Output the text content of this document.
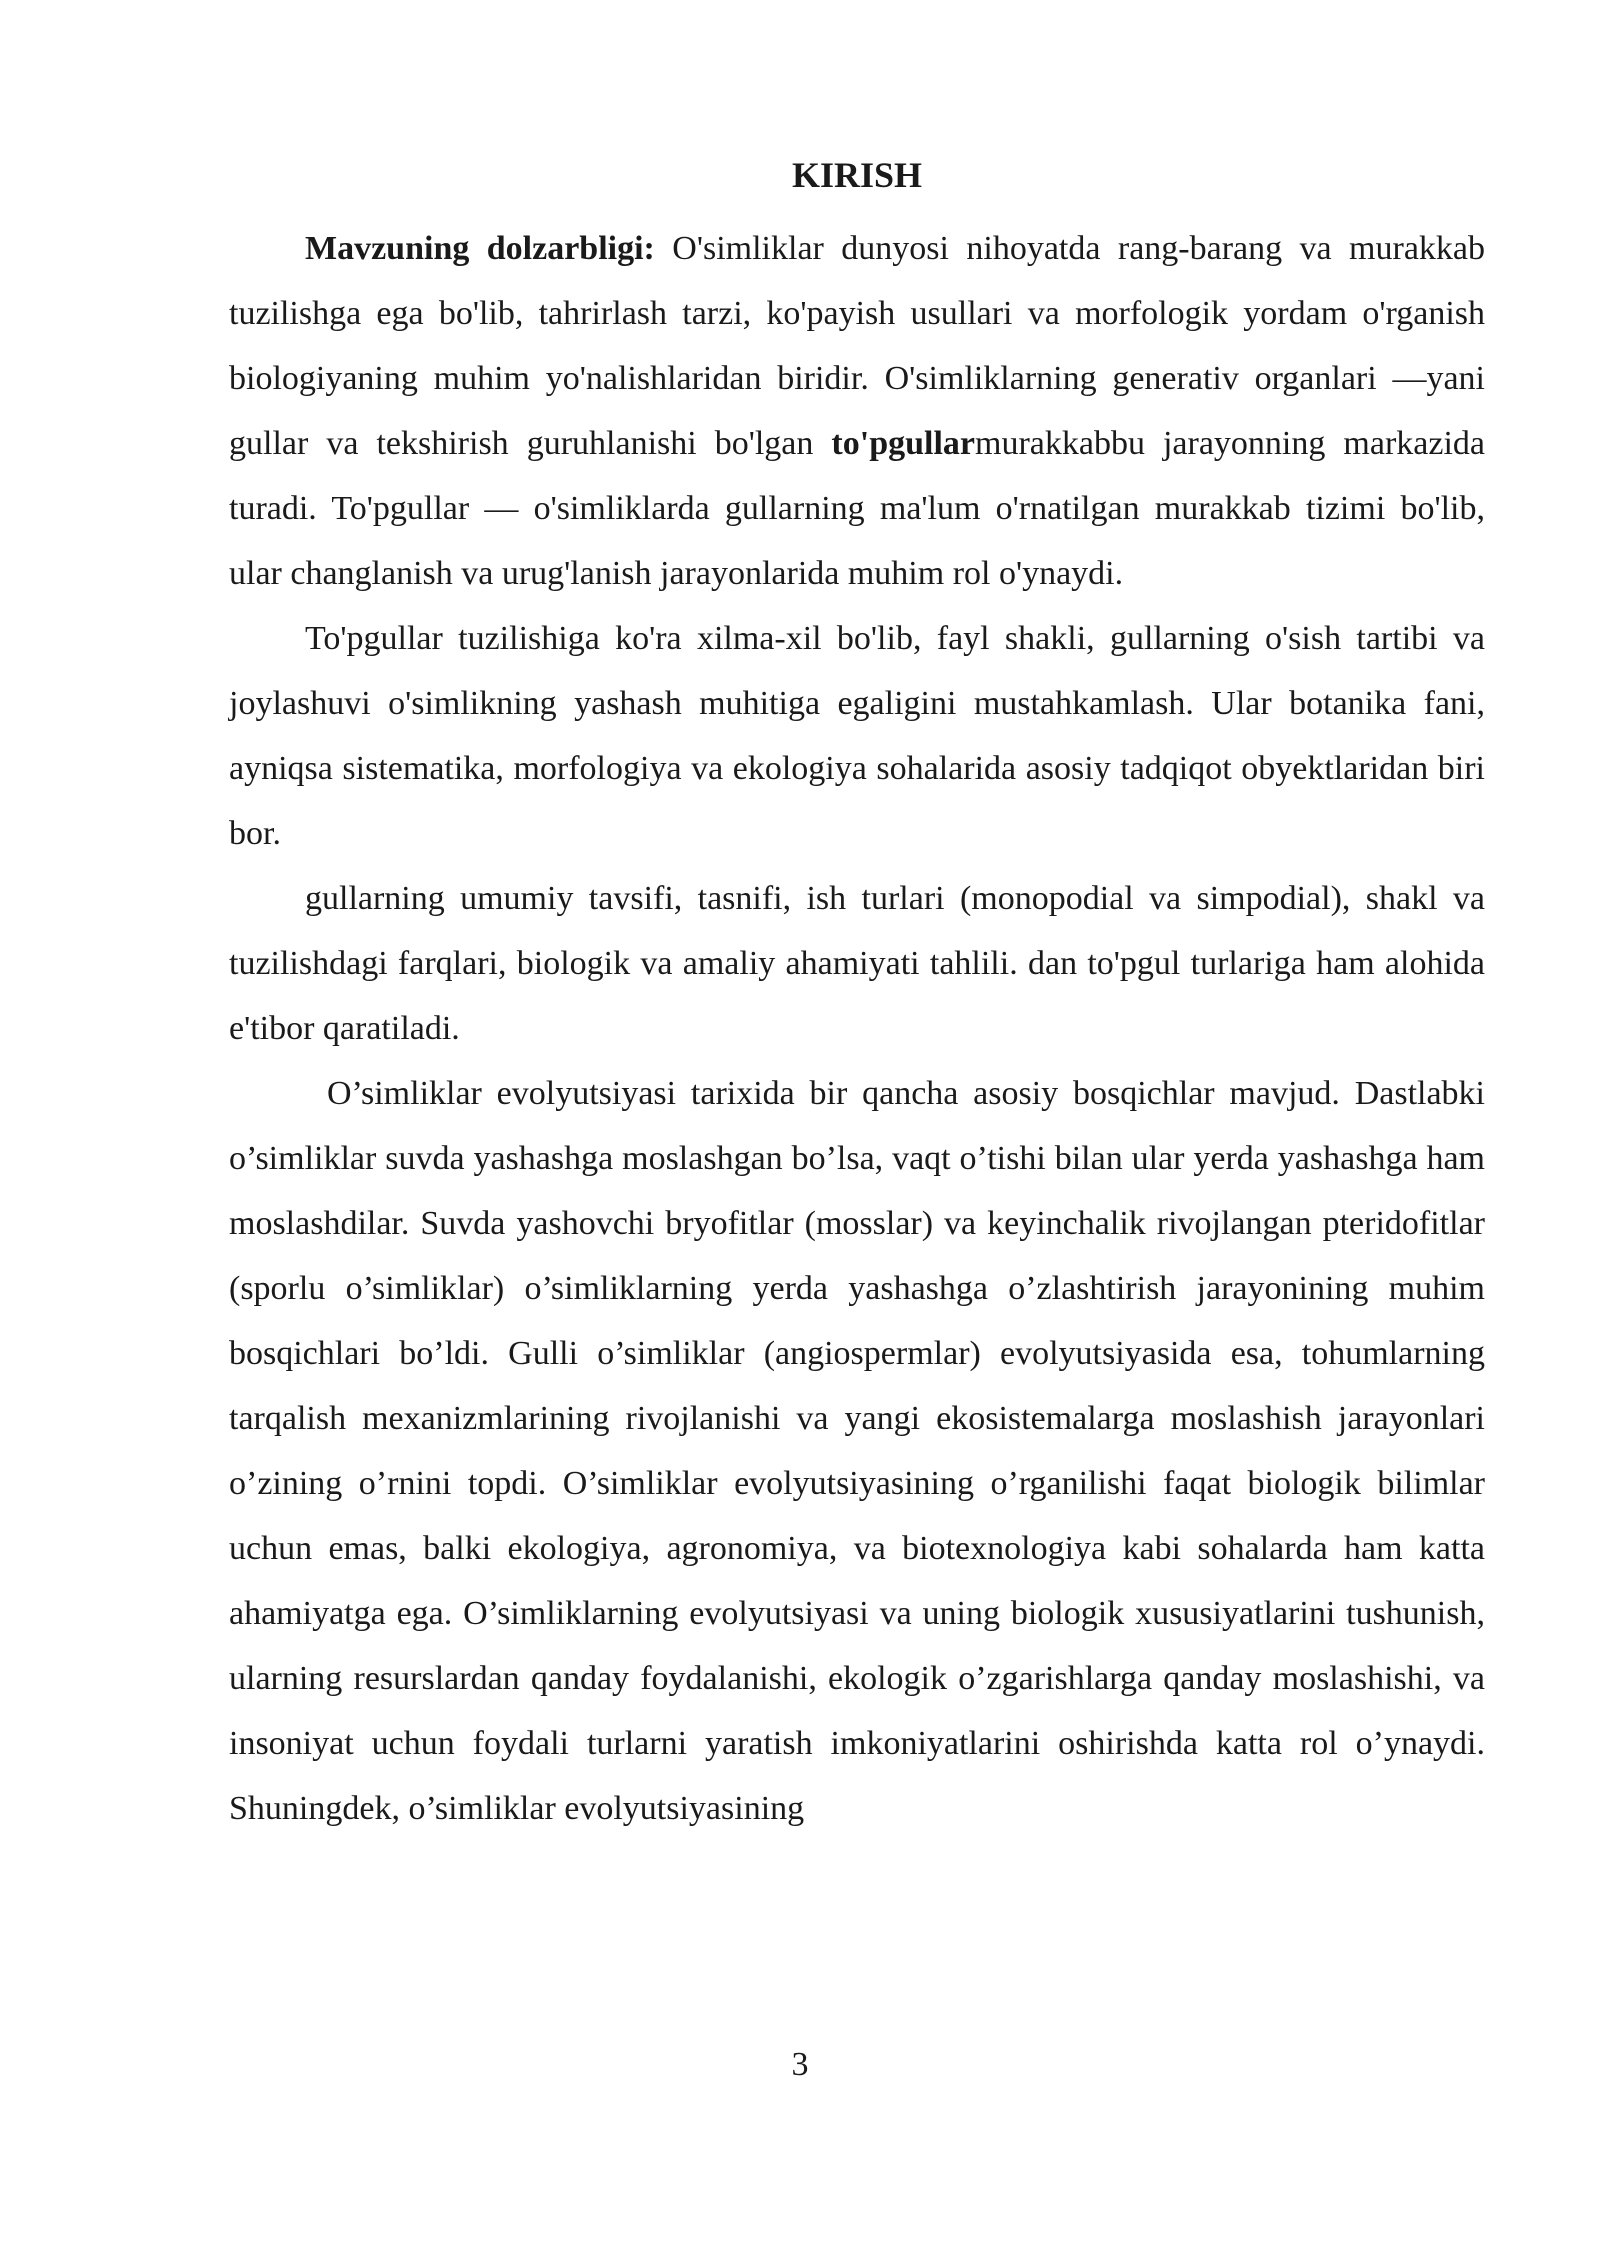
KIRISH

Mavzuning dolzarbligi: O'simliklar dunyosi nihoyatda rang-barang va murakkab tuzilishga ega bo'lib, tahrirlash tarzi, ko'payish usullari va morfologik yordam o'rganish biologiyaning muhim yo'nalishlaridan biridir. O'simliklarning generativ organlari —yani gullar va tekshirish guruhlanishi bo'lgan to'pgullarmurakkabbu jarayonning markazida turadi. To'pgullar — o'simliklarda gullarning ma'lum o'rnatilgan murakkab tizimi bo'lib, ular changlanish va urug'lanish jarayonlarida muhim rol o'ynaydi.

To'pgullar tuzilishiga ko'ra xilma-xil bo'lib, fayl shakli, gullarning o'sish tartibi va joylashuvi o'simlikning yashash muhitiga egaligini mustahkamlash. Ular botanika fani, ayniqsa sistematika, morfologiya va ekologiya sohalarida asosiy tadqiqot obyektlaridan biri bor.

gullarning umumiy tavsifi, tasnifi, ish turlari (monopodial va simpodial), shakl va tuzilishdagi farqlari, biologik va amaliy ahamiyati tahlili. dan to'pgul turlariga ham alohida e'tibor qaratiladi.

O’simliklar evolyutsiyasi tarixida bir qancha asosiy bosqichlar mavjud. Dastlabki o’simliklar suvda yashashga moslashgan bo’lsa, vaqt o’tishi bilan ular yerda yashashga ham moslashdilar. Suvda yashovchi bryofitlar (mosslar) va keyinchalik rivojlangan pteridofitlar (sporlu o’simliklar) o’simliklarning yerda yashashga o’zlashtirish jarayonining muhim bosqichlari bo’ldi. Gulli o’simliklar (angiospermlar) evolyutsiyasida esa, tohumlarning tarqalish mexanizmlarining rivojlanishi va yangi ekosistemalarga moslashish jarayonlari o’zining o’rnini topdi. O’simliklar evolyutsiyasining o’rganilishi faqat biologik bilimlar uchun emas, balki ekologiya, agronomiya, va biotexnologiya kabi sohalarda ham katta ahamiyatga ega. O’simliklarning evolyutsiyasi va uning biologik xususiyatlarini tushunish, ularning resurslardan qanday foydalanishi, ekologik o’zgarishlarga qanday moslashishi, va insoniyat uchun foydali turlarni yaratish imkoniyatlarini oshirishda katta rol o’ynaydi. Shuningdek, o’simliklar evolyutsiyasining

3
